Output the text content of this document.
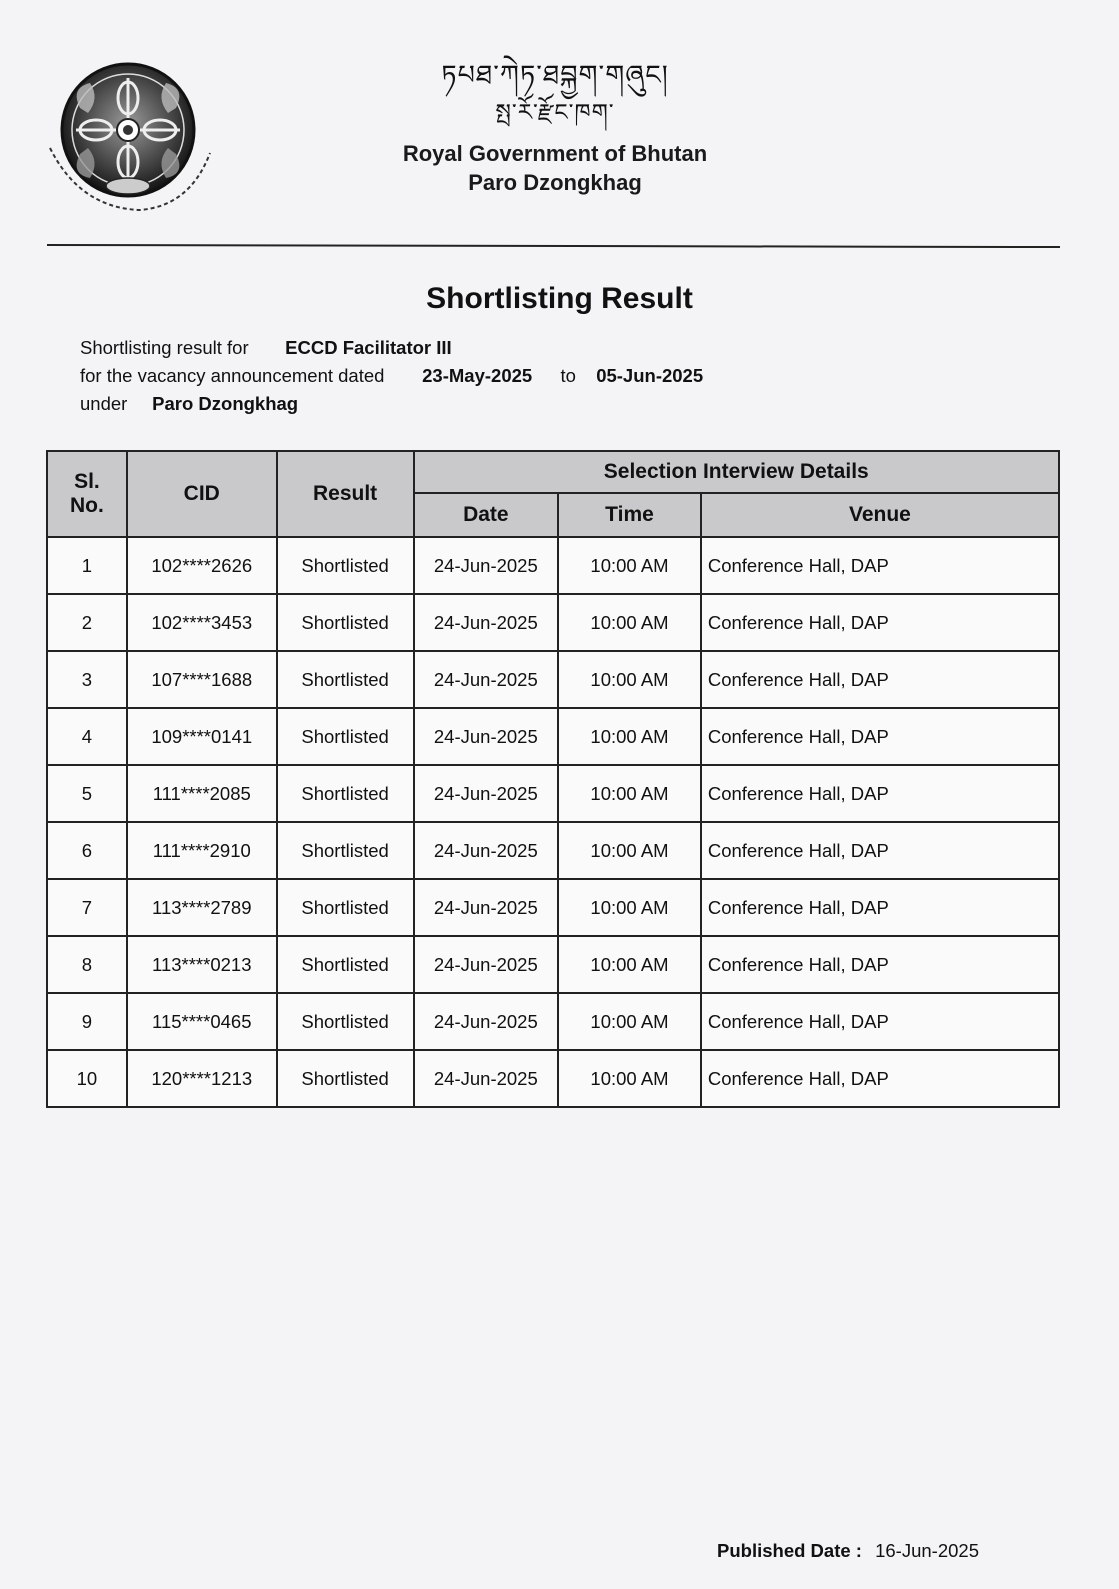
ཏཔཐ་ཀེཏ་ཐབྐྱག་གཞུང།
སྤ་རོ་རྫོང་ཁག་
Royal Government of Bhutan
Paro Dzongkhag
Shortlisting Result
Shortlisting result for ECCD Facilitator III
for the vacancy announcement dated 23-May-2025 to 05-Jun-2025
under Paro Dzongkhag
Sl.
No.	CID	Result	Selection Interview Details		
			Date	Time	Venue
1	102****2626	Shortlisted	24-Jun-2025	10:00 AM	Conference Hall, DAP
2	102****3453	Shortlisted	24-Jun-2025	10:00 AM	Conference Hall, DAP
3	107****1688	Shortlisted	24-Jun-2025	10:00 AM	Conference Hall, DAP
4	109****0141	Shortlisted	24-Jun-2025	10:00 AM	Conference Hall, DAP
5	111****2085	Shortlisted	24-Jun-2025	10:00 AM	Conference Hall, DAP
6	111****2910	Shortlisted	24-Jun-2025	10:00 AM	Conference Hall, DAP
7	113****2789	Shortlisted	24-Jun-2025	10:00 AM	Conference Hall, DAP
8	113****0213	Shortlisted	24-Jun-2025	10:00 AM	Conference Hall, DAP
9	115****0465	Shortlisted	24-Jun-2025	10:00 AM	Conference Hall, DAP
10	120****1213	Shortlisted	24-Jun-2025	10:00 AM	Conference Hall, DAP
Published Date : 16-Jun-2025
